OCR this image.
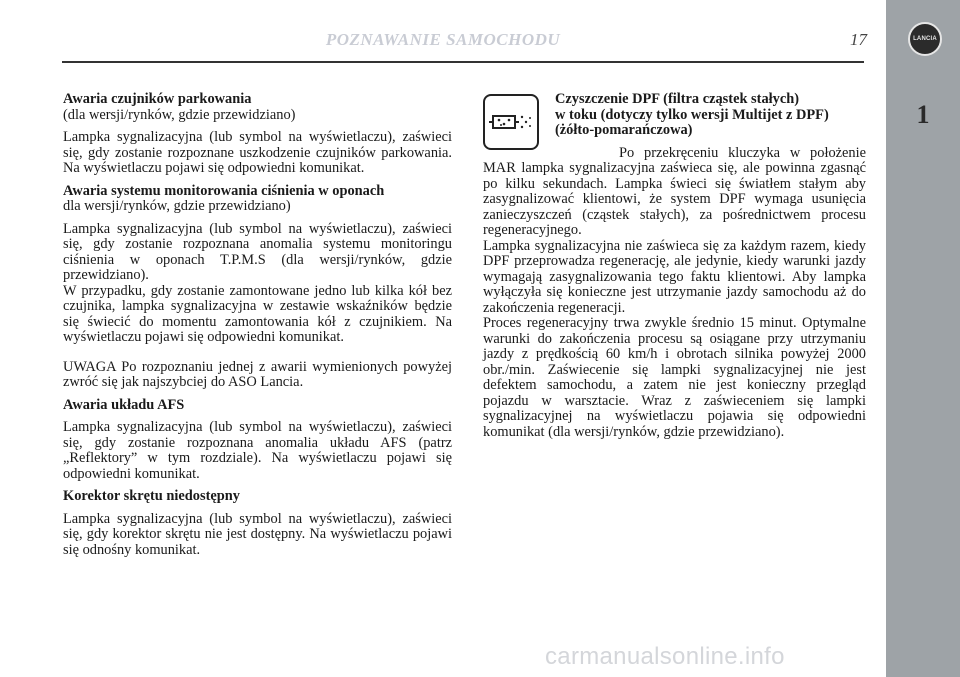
POZNAWANIE SAMOCHODU	17	LANCIA
1

Awaria czujników parkowania

(dla wersji/rynków, gdzie przewidziano)

Lampka sygnalizacyjna (lub symbol na wyświetlaczu), zaświeci się, gdy zostanie rozpoznane uszkodzenie czujników parkowania. Na wyświetlaczu pojawi się odpowiedni komunikat.

Awaria systemu monitorowania ciśnienia w oponach

dla wersji/rynków, gdzie przewidziano)

Lampka sygnalizacyjna (lub symbol na wyświetlaczu), zaświeci się, gdy zostanie rozpoznana anomalia systemu monitoringu ciśnienia w oponach T.P.M.S (dla wersji/rynków, gdzie przewidziano).

W przypadku, gdy zostanie zamontowane jedno lub kilka kół bez czujnika, lampka sygnalizacyjna w zestawie wskaźników będzie się świecić do momentu zamontowania kół z czujnikiem. Na wyświetlaczu pojawi się odpowiedni komunikat.

UWAGA Po rozpoznaniu jednej z awarii wymienionych powyżej zwróć się jak najszybciej do ASO Lancia.

Awaria układu AFS

Lampka sygnalizacyjna (lub symbol na wyświetlaczu), zaświeci się, gdy zostanie rozpoznana anomalia układu AFS (patrz „Reflektory” w tym rozdziale). Na wyświetlaczu pojawi się odpowiedni komunikat.

Korektor skrętu niedostępny

Lampka sygnalizacyjna (lub symbol na wyświetlaczu), zaświeci się, gdy korektor skrętu nie jest dostępny. Na wyświetlaczu pojawi się odnośny komunikat.

Czyszczenie DPF (filtra cząstek stałych)

w toku (dotyczy tylko wersji Multijet z DPF)

(żółto-pomarańczowa)

Po przekręceniu kluczyka w położenie MAR lampka sygnalizacyjna zaświeca się, ale powinna zgasnąć po kilku sekundach. Lampka świeci się światłem stałym aby zasygnalizować klientowi, że system DPF wymaga usunięcia zanieczyszczeń (cząstek stałych), za pośrednictwem procesu regeneracyjnego.

Lampka sygnalizacyjna nie zaświeca się za każdym razem, kiedy DPF przeprowadza regenerację, ale jedynie, kiedy warunki jazdy wymagają zasygnalizowania tego faktu klientowi. Aby lampka wyłączyła się konieczne jest utrzymanie jazdy samochodu aż do zakończenia regeneracji.

Proces regeneracyjny trwa zwykle średnio 15 minut. Optymalne warunki do zakończenia procesu są osiągane przy utrzymaniu jazdy z prędkością 60 km/h i obrotach silnika powyżej 2000 obr./min. Zaświecenie się lampki sygnalizacyjnej nie jest defektem samochodu, a zatem nie jest konieczny przegląd pojazdu w warsztacie. Wraz z zaświeceniem się lampki sygnalizacyjnej na wyświetlaczu pojawia się odpowiedni komunikat (dla wersji/rynków, gdzie przewidziano).

carmanualsonline.info
